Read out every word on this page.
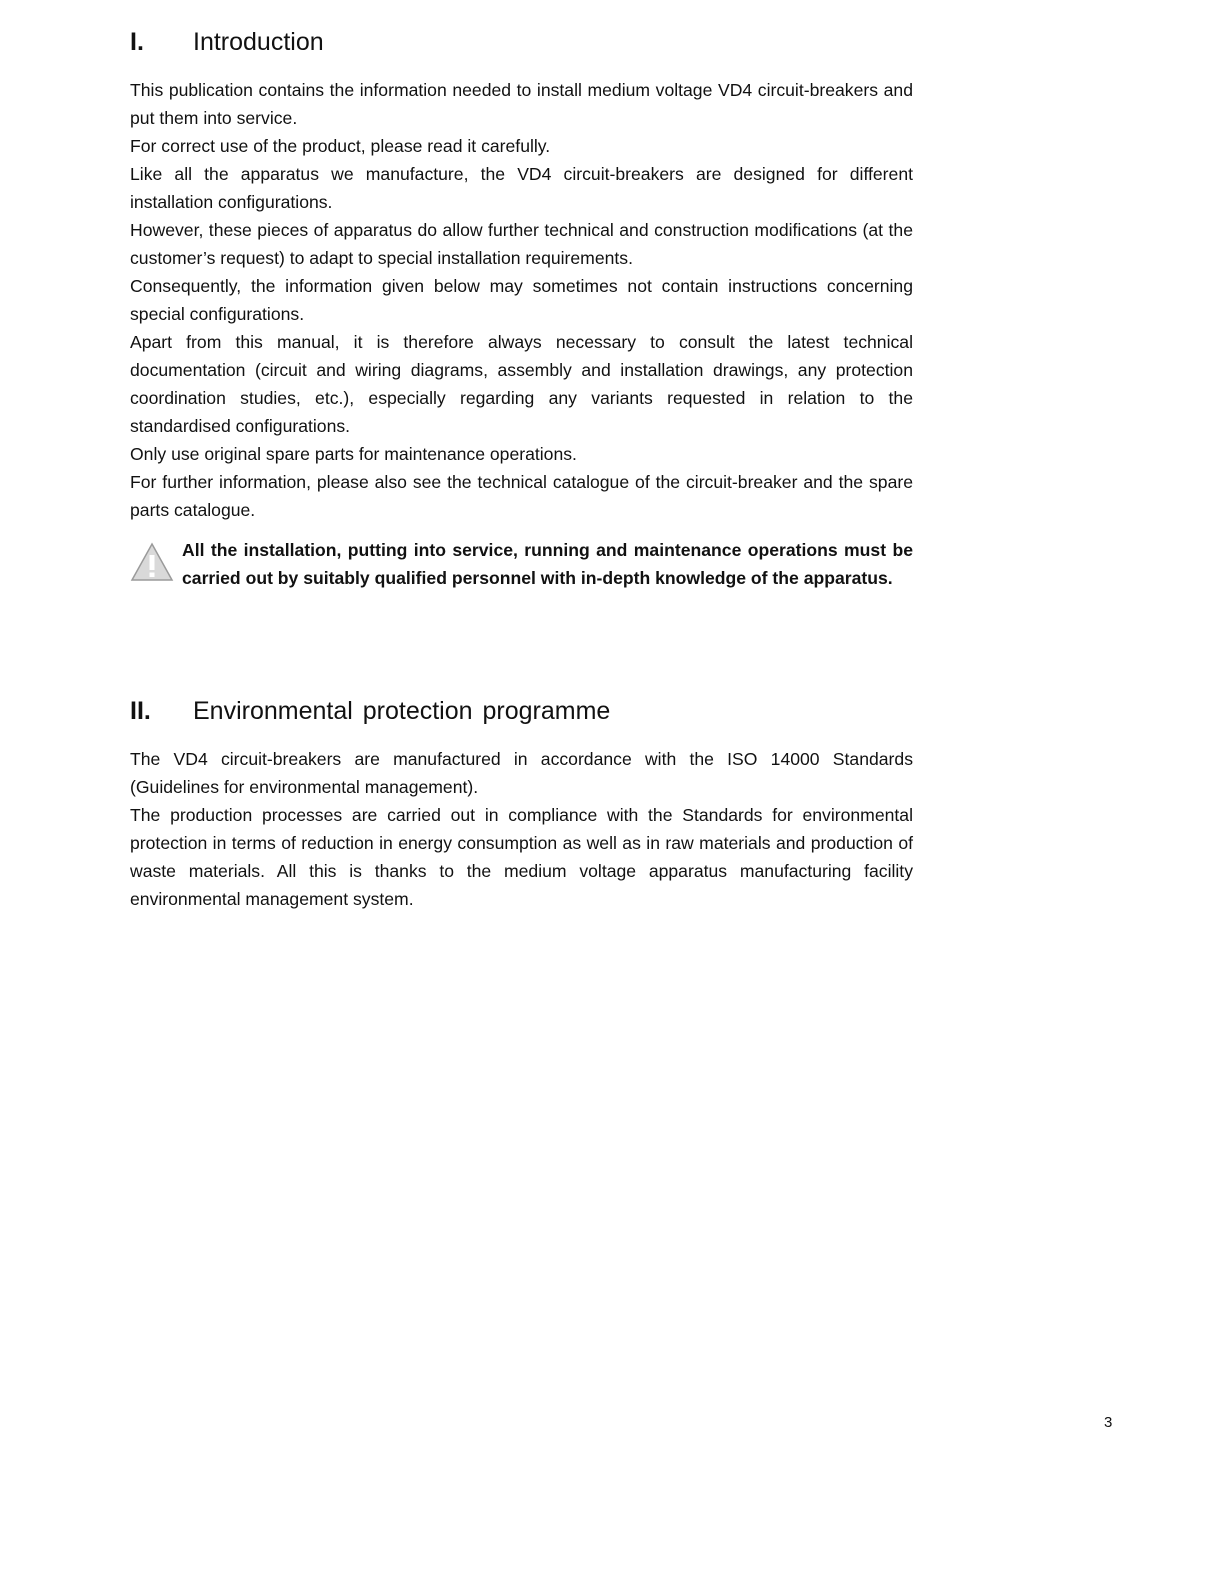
I.	Introduction

This publication contains the information needed to install medium voltage VD4 circuit-breakers and put them into service.

For correct use of the product, please read it carefully.

Like all the apparatus we manufacture, the VD4 circuit-breakers are designed for different installation configurations.

However, these pieces of apparatus do allow further technical and construction modifications (at the customer’s request) to adapt to special installation requirements.

Consequently, the information given below may sometimes not contain instructions concerning special configurations.

Apart from this manual, it is therefore always necessary to consult the latest technical documentation (circuit and wiring diagrams, assembly and installation drawings, any protection coordination studies, etc.), especially regarding any variants requested in relation to the standardised configurations.

Only use original spare parts for maintenance operations.

For further information, please also see the technical catalogue of the circuit-breaker and the spare parts catalogue.

All the installation, putting into service, running and maintenance operations must be carried out by suitably qualified personnel with in-depth knowledge of the apparatus.

II.	Environmental protection programme

The VD4 circuit-breakers are manufactured in accordance with the ISO 14000 Standards (Guidelines for environmental management).

The production processes are carried out in compliance with the Standards for environmental protection in terms of reduction in energy consumption as well as in raw materials and production of waste materials. All this is thanks to the medium voltage apparatus manufacturing facility environmental management system.

3
